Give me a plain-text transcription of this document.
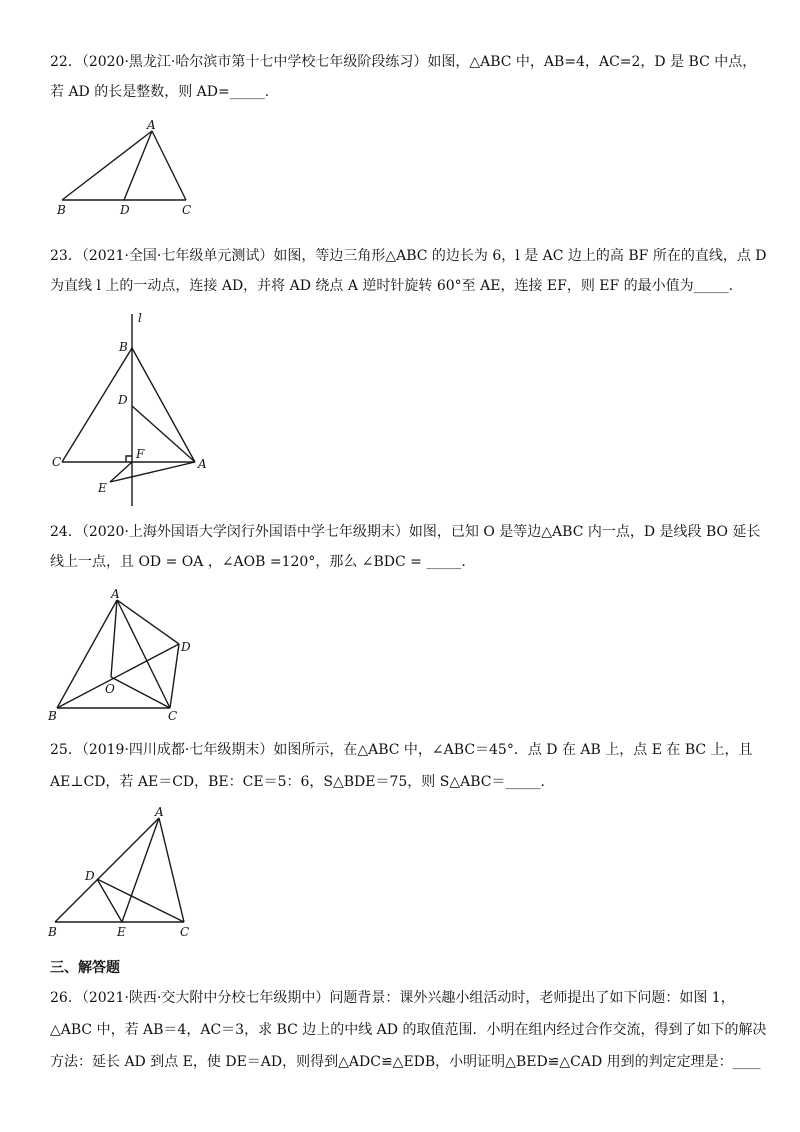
22．（2020·黑龙江·哈尔滨市第十七中学校七年级阶段练习）如图，△ABC 中，AB=4，AC=2，D 是 BC 中点，
若 AD 的长是整数，则 AD=_____.
A
B	D	C
23．（2021·全国·七年级单元测试）如图，等边三角形△ABC 的边长为 6，l 是 AC 边上的高 BF 所在的直线，点 D
为直线 l 上的一动点，连接 AD，并将 AD 绕点 A 逆时针旋转 60°至 AE，连接 EF，则 EF 的最小值为_____.
l
B
D
F
C	A
E
24．（2020·上海外国语大学闵行外国语中学七年级期末）如图，已知 O 是等边△ABC 内一点，D 是线段 BO 延长
线上一点，且 OD = OA ，∠AOB =120°，那么 ∠BDC = _____.
A
D
O
B	C
25．（2019·四川成都·七年级期末）如图所示，在△ABC 中，∠ABC＝45°．点 D 在 AB 上，点 E 在 BC 上，且
AE⊥CD，若 AE＝CD，BE：CE＝5：6，S△BDE＝75，则 S△ABC＝_____.
A
D
B	E	C
三、解答题
26．（2021·陕西·交大附中分校七年级期中）问题背景：课外兴趣小组活动时，老师提出了如下问题：如图 1，
△ABC 中，若 AB＝4，AC＝3，求 BC 边上的中线 AD 的取值范围．小明在组内经过合作交流，得到了如下的解决
方法：延长 AD 到点 E，使 DE＝AD，则得到△ADC≌△EDB，小明证明△BED≌△CAD 用到的判定定理是：____
